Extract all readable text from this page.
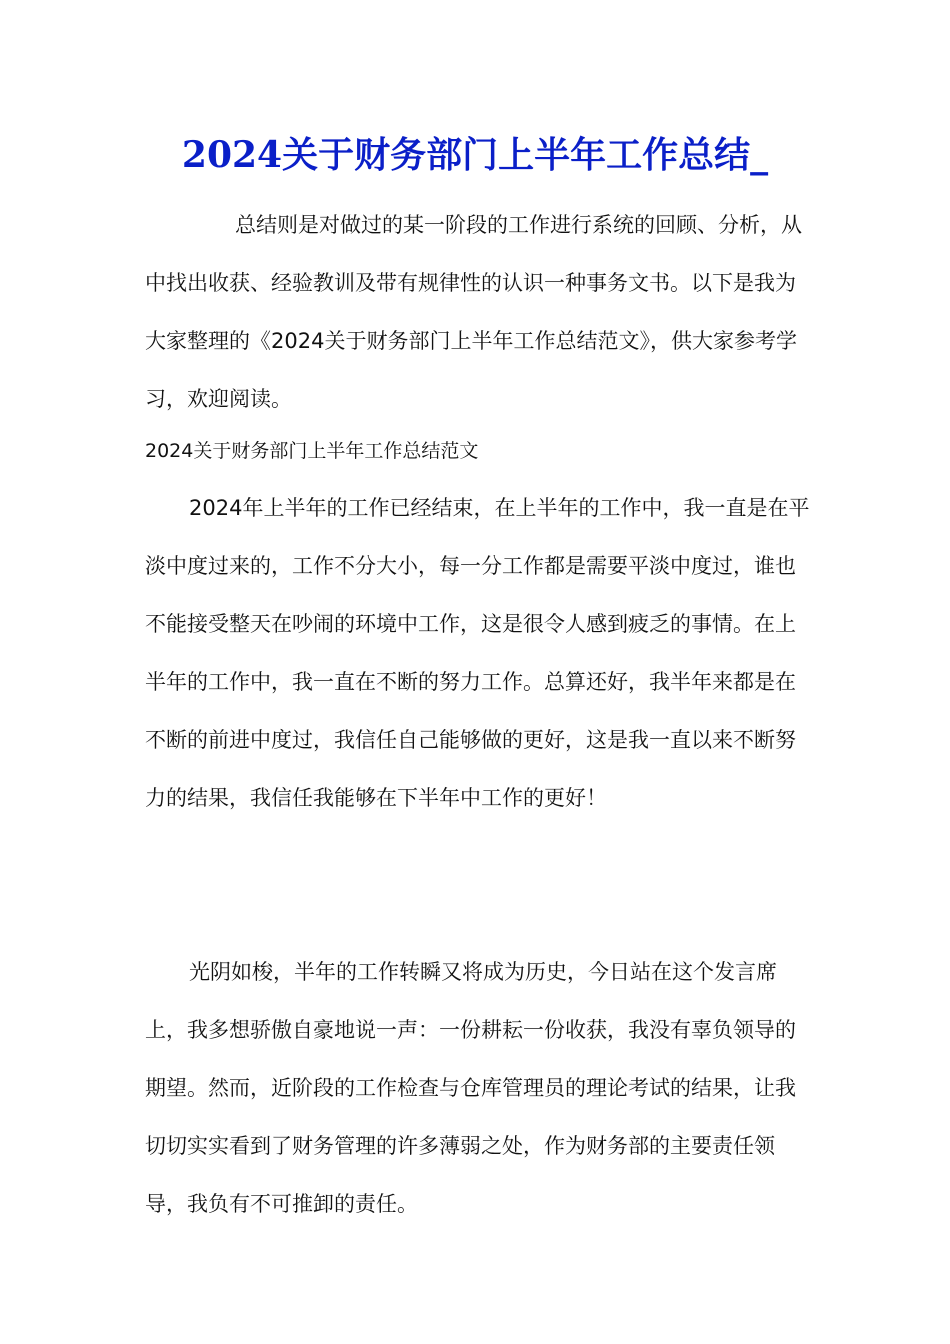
2024关于财务部门上半年工作总结_

总结则是对做过的某一阶段的工作进行系统的回顾、分析，从中找出收获、经验教训及带有规律性的认识一种事务文书。以下是我为大家整理的《2024关于财务部门上半年工作总结范文》，供大家参考学习，欢迎阅读。

2024关于财务部门上半年工作总结范文

2024年上半年的工作已经结束，在上半年的工作中，我一直是在平淡中度过来的，工作不分大小，每一分工作都是需要平淡中度过，谁也不能接受整天在吵闹的环境中工作，这是很令人感到疲乏的事情。在上半年的工作中，我一直在不断的努力工作。总算还好，我半年来都是在不断的前进中度过，我信任自己能够做的更好，这是我一直以来不断努力的结果，我信任我能够在下半年中工作的更好！

光阴如梭，半年的工作转瞬又将成为历史，今日站在这个发言席上，我多想骄傲自豪地说一声：一份耕耘一份收获，我没有辜负领导的期望。然而，近阶段的工作检查与仓库管理员的理论考试的结果，让我切切实实看到了财务管理的许多薄弱之处，作为财务部的主要责任领导，我负有不可推卸的责任。
